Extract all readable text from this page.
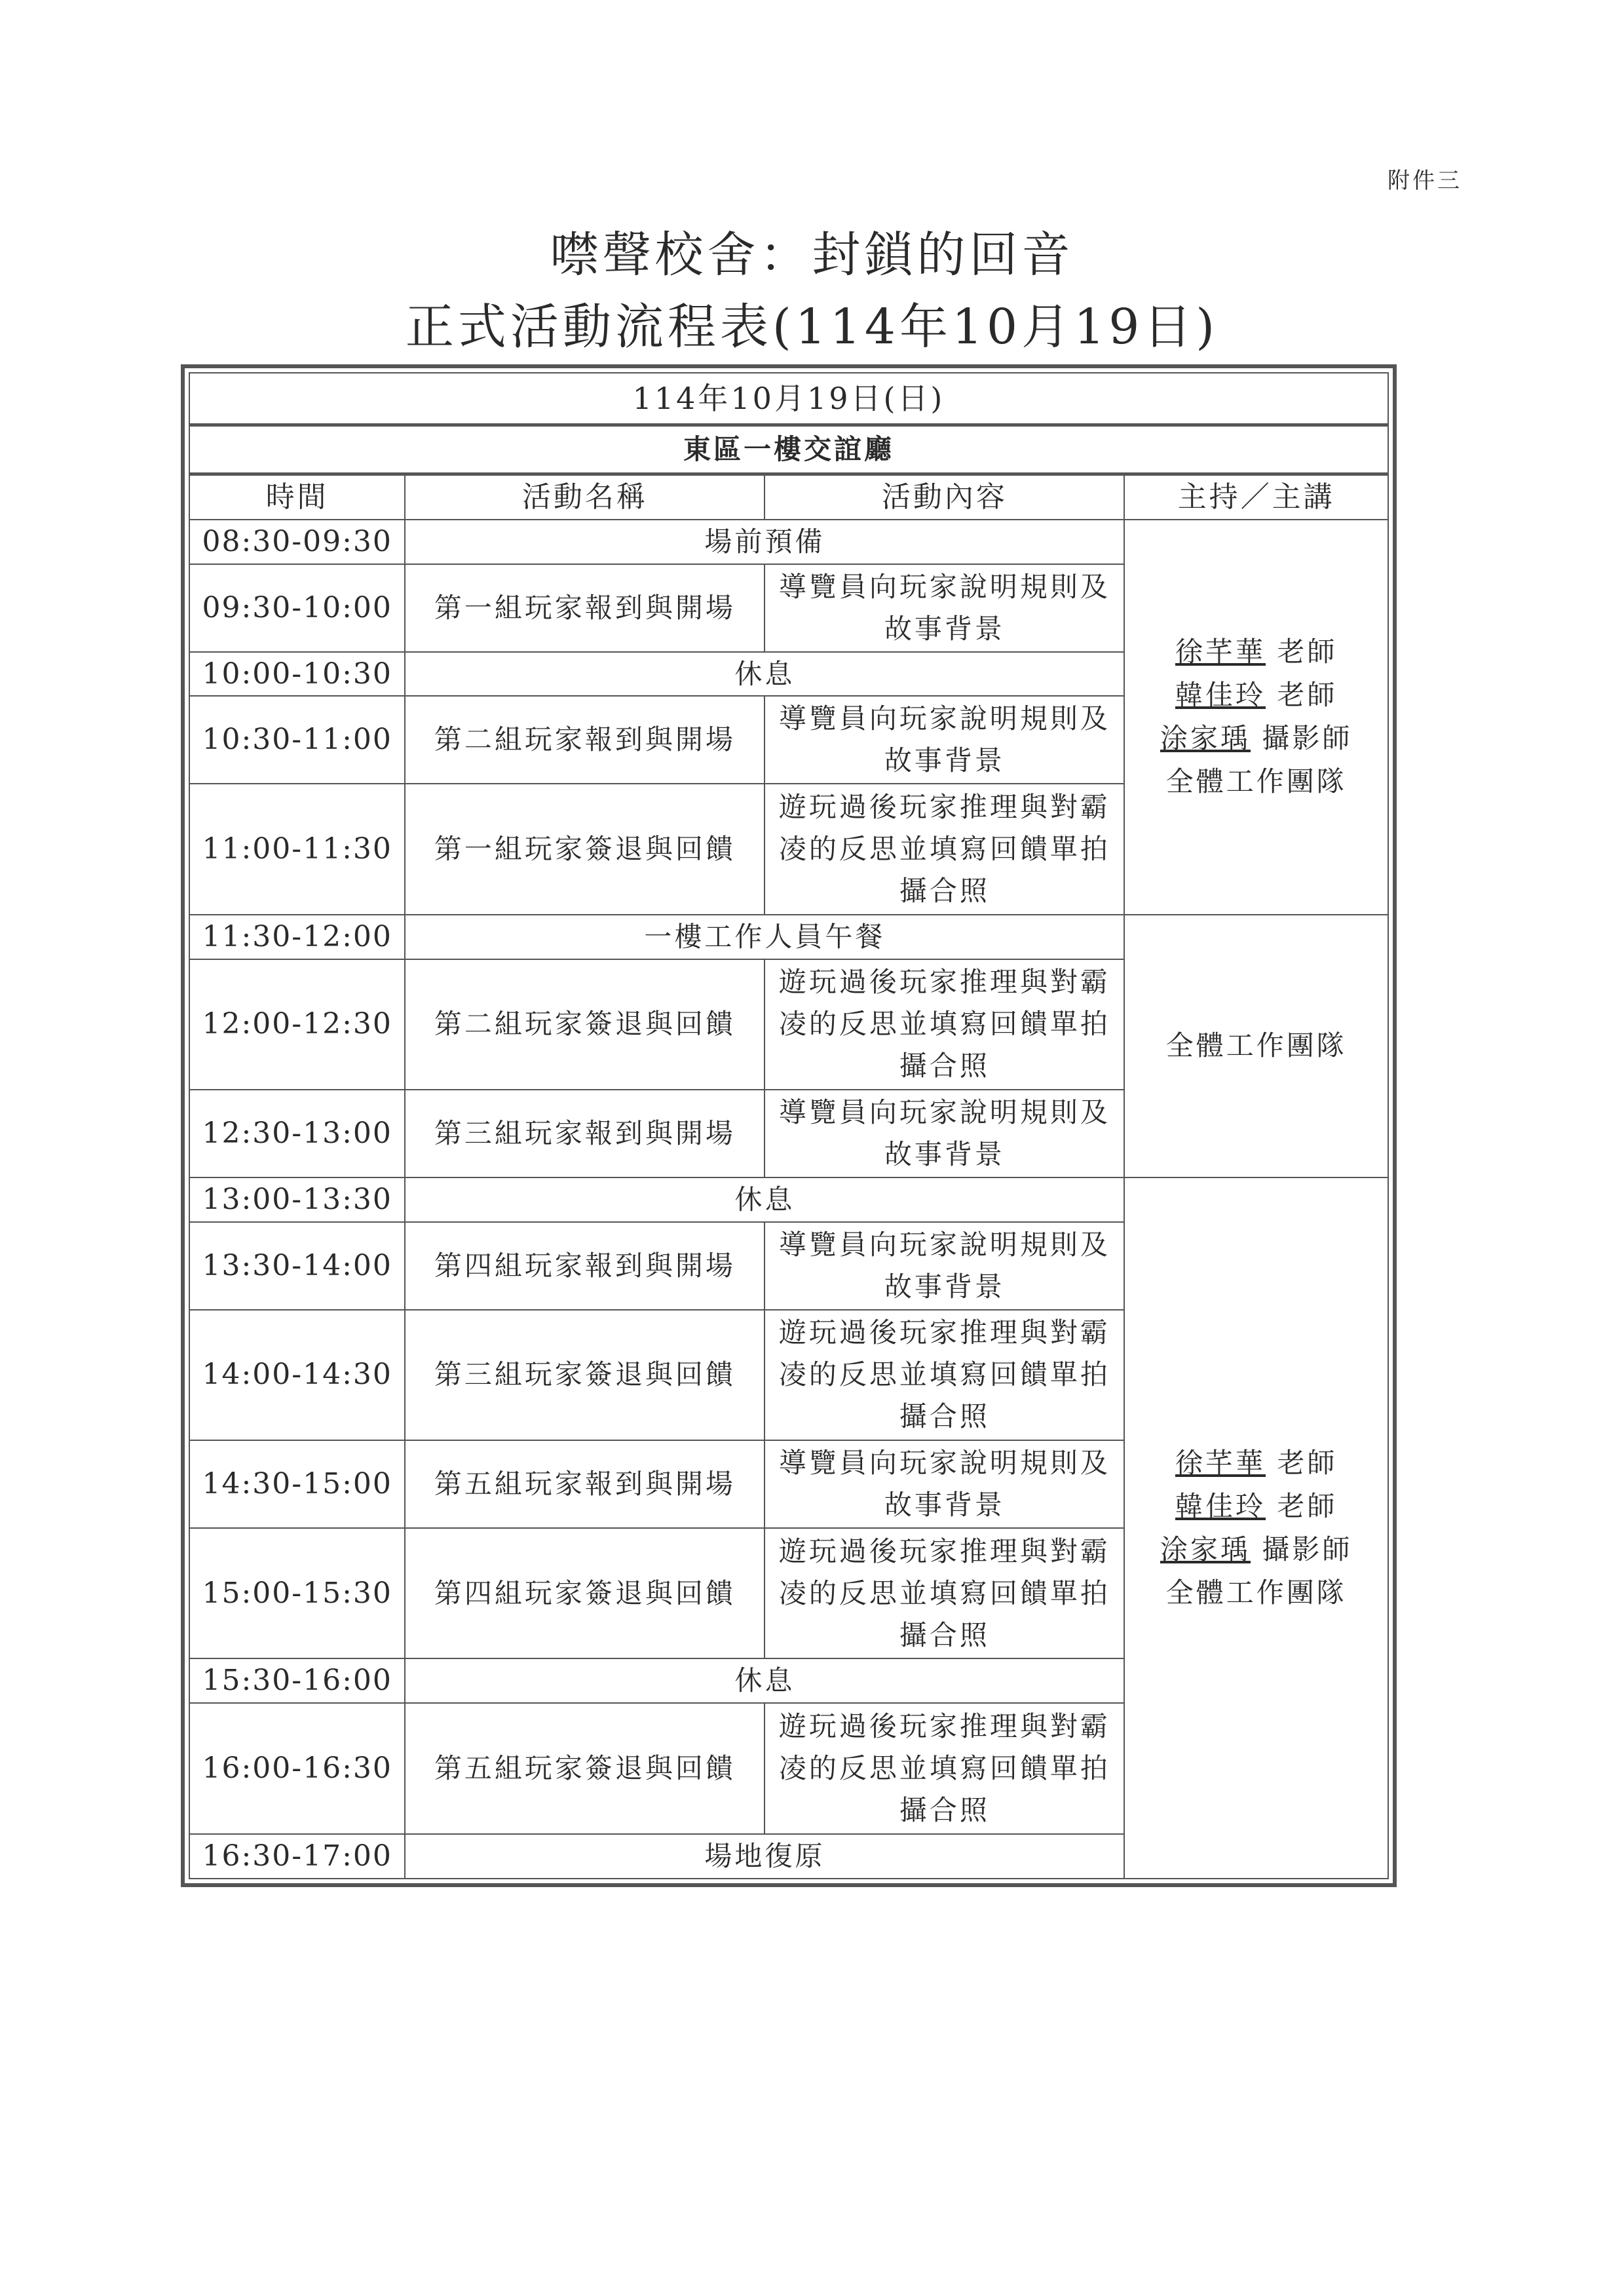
附件三
噤聲校舍：封鎖的回音
正式活動流程表(114年10月19日)
114年10月19日(日)			
東區一樓交誼廳			
時間	活動名稱	活動內容	主持／主講
08:30-09:30	場前預備		徐芊華 老師
韓佳玲 老師
涂家瑀 攝影師
全體工作團隊

09:30-10:00	第一組玩家報到與開場	導覽員向玩家說明規則及故事背景	
10:00-10:30	休息		
10:30-11:00	第二組玩家報到與開場	導覽員向玩家說明規則及故事背景	
11:00-11:30	第一組玩家簽退與回饋	遊玩過後玩家推理與對霸凌的反思並填寫回饋單拍攝合照	
11:30-12:00	一樓工作人員午餐		全體工作團隊
12:00-12:30	第二組玩家簽退與回饋	遊玩過後玩家推理與對霸凌的反思並填寫回饋單拍攝合照	
12:30-13:00	第三組玩家報到與開場	導覽員向玩家說明規則及故事背景	
13:00-13:30	休息		徐芊華 老師
韓佳玲 老師
涂家瑀 攝影師
全體工作團隊

13:30-14:00	第四組玩家報到與開場	導覽員向玩家說明規則及故事背景	
14:00-14:30	第三組玩家簽退與回饋	遊玩過後玩家推理與對霸凌的反思並填寫回饋單拍攝合照	
14:30-15:00	第五組玩家報到與開場	導覽員向玩家說明規則及故事背景	
15:00-15:30	第四組玩家簽退與回饋	遊玩過後玩家推理與對霸凌的反思並填寫回饋單拍攝合照	
15:30-16:00	休息		
16:00-16:30	第五組玩家簽退與回饋	遊玩過後玩家推理與對霸凌的反思並填寫回饋單拍攝合照	
16:30-17:00	場地復原		
